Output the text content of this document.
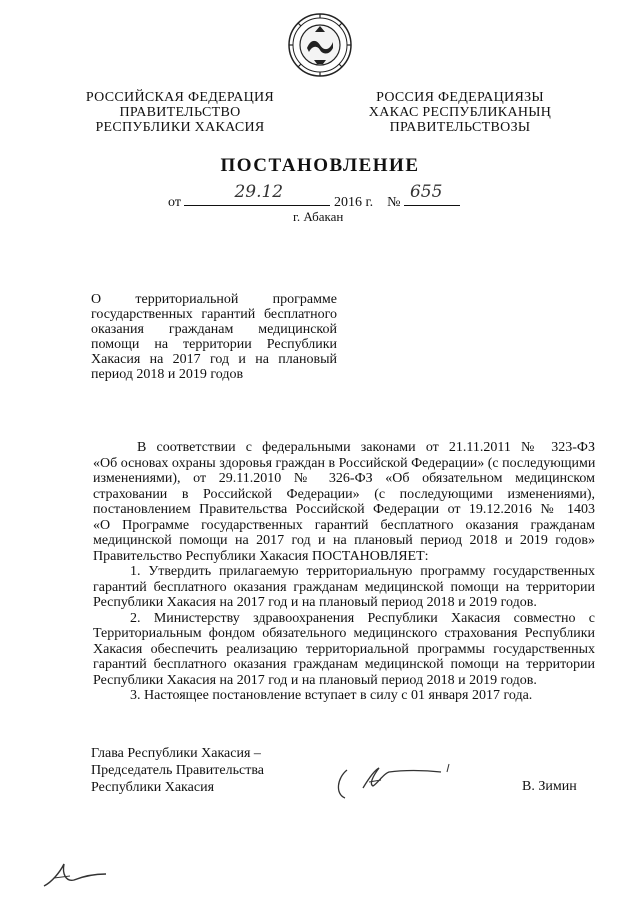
РОССИЙСКАЯ ФЕДЕРАЦИЯ
ПРАВИТЕЛЬСТВО
РЕСПУБЛИКИ ХАКАСИЯ
РОССИЯ ФЕДЕРАЦИЯЗЫ
ХАКАС РЕСПУБЛИКАНЫҢ
ПРАВИТЕЛЬСТВОЗЫ
ПОСТАНОВЛЕНИЕ
от
29.12
2016 г. №
655
г. Абакан
О территориальной программе
государственных гарантий бесплатного
оказания гражданам медицинской
помощи на территории Республики
Хакасия на 2017 год и на плановый
период 2018 и 2019 годов
В соответствии с федеральными законами от 21.11.2011 № 323-ФЗ
«Об основах охраны здоровья граждан в Российской Федерации» (с последующими
изменениями), от 29.11.2010 № 326-ФЗ «Об обязательном медицинском
страховании в Российской Федерации» (с последующими изменениями),
постановлением Правительства Российской Федерации от 19.12.2016 № 1403
«О Программе государственных гарантий бесплатного оказания гражданам
медицинской помощи на 2017 год и на плановый период 2018 и 2019 годов»
Правительство Республики Хакасия ПОСТАНОВЛЯЕТ:
1. Утвердить прилагаемую территориальную программу государственных
гарантий бесплатного оказания гражданам медицинской помощи на территории
Республики Хакасия на 2017 год и на плановый период 2018 и 2019 годов.
2. Министерству здравоохранения Республики Хакасия совместно с
Территориальным фондом обязательного медицинского страхования Республики
Хакасия обеспечить реализацию территориальной программы государственных
гарантий бесплатного оказания гражданам медицинской помощи на территории
Республики Хакасия на 2017 год и на плановый период 2018 и 2019 годов.
3. Настоящее постановление вступает в силу с 01 января 2017 года.
Глава Республики Хакасия –
Председатель Правительства
Республики Хакасия	В. Зимин
